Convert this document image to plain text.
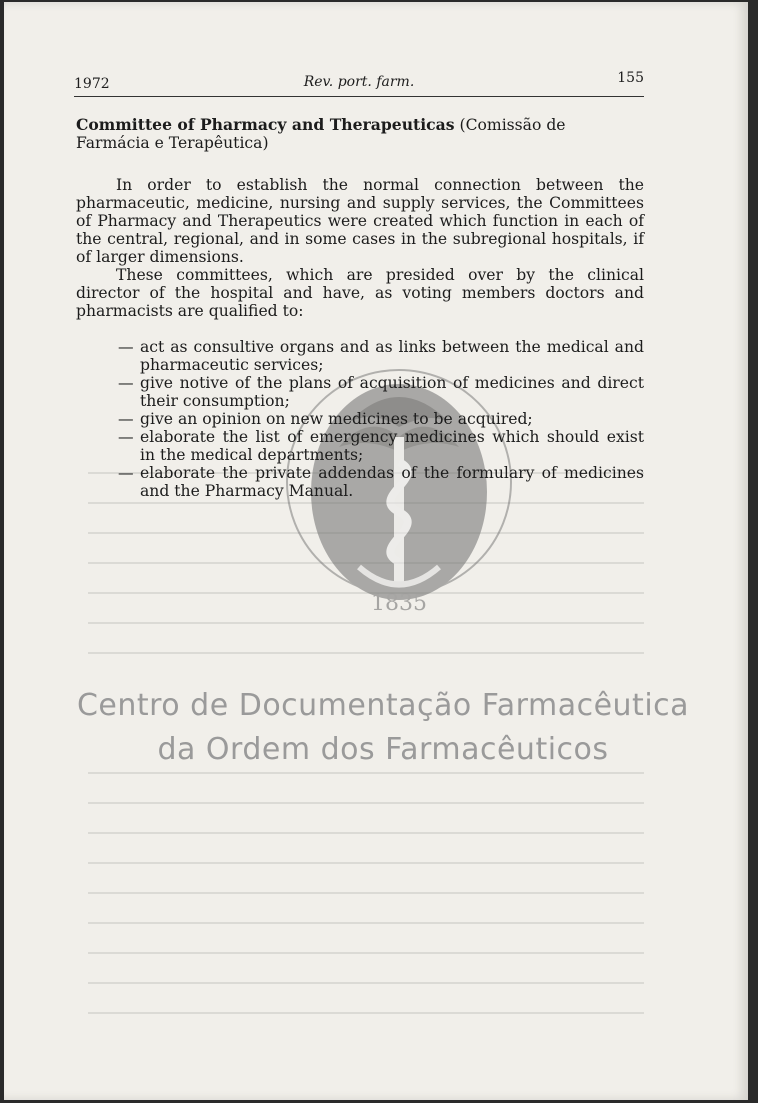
1972	Rev. port. farm.	155
1835

Committee of Pharmacy and Therapeuticas (Comissão de Farmácia e Terapêutica)

In order to establish the normal connection between the pharmaceutic, medicine, nursing and supply services, the Committees of Pharmacy and Therapeutics were created which function in each of the central, regional, and in some cases in the subregional hospitals, if of larger dimensions.

These committees, which are presided over by the clinical director of the hospital and have, as voting members doctors and pharmacists are qualified to:

— act as consultive organs and as links between the medical and pharmaceutic services;
— give notive of the plans of acquisition of medicines and direct their consumption;
— give an opinion on new medicines to be acquired;
— elaborate the list of emergency medicines which should exist in the medical departments;
— elaborate the private addendas of the formulary of medicines and the Pharmacy Manual.
Centro de Documentação Farmacêutica
da Ordem dos Farmacêuticos
